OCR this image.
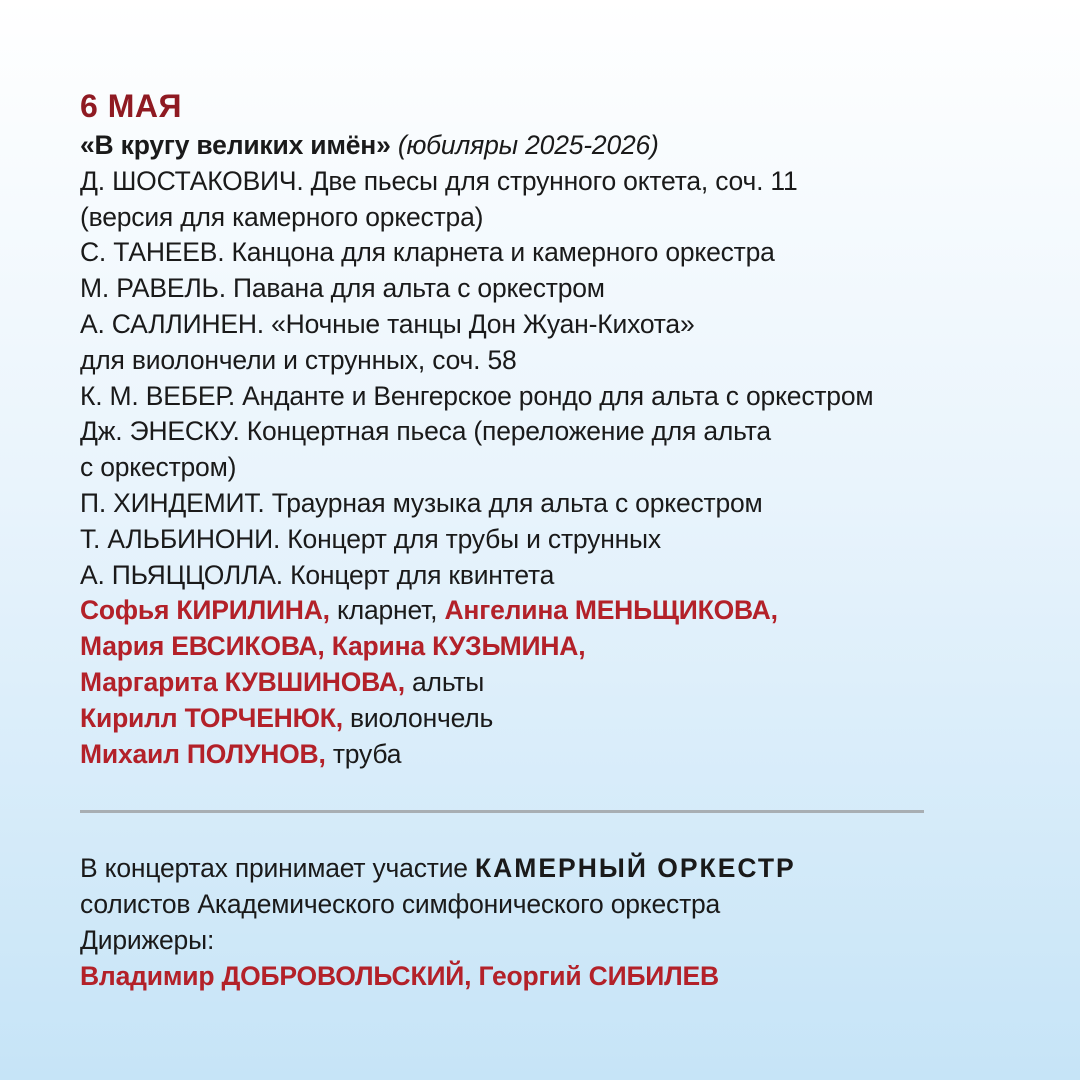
6 МАЯ
«В кругу великих имён» (юбиляры 2025-2026)
Д. ШОСТАКОВИЧ. Две пьесы для струнного октета, соч. 11
(версия для камерного оркестра)
С. ТАНЕЕВ. Канцона для кларнета и камерного оркестра
М. РАВЕЛЬ. Павана для альта с оркестром
А. САЛЛИНЕН. «Ночные танцы Дон Жуан-Кихота»
для виолончели и струнных, соч. 58
К. М. ВЕБЕР. Анданте и Венгерское рондо для альта с оркестром
Дж. ЭНЕСКУ. Концертная пьеса (переложение для альта
с оркестром)
П. ХИНДЕМИТ. Траурная музыка для альта с оркестром
Т. АЛЬБИНОНИ. Концерт для трубы и струнных
А. ПЬЯЦЦОЛЛА. Концерт для квинтета
Софья КИРИЛИНА, кларнет, Ангелина МЕНЬЩИКОВА,
Мария ЕВСИКОВА, Карина КУЗЬМИНА,
Маргарита КУВШИНОВА, альты
Кирилл ТОРЧЕНЮК, виолончель
Михаил ПОЛУНОВ, труба
В концертах принимает участие КАМЕРНЫЙ ОРКЕСТР
солистов Академического симфонического оркестра
Дирижеры:
Владимир ДОБРОВОЛЬСКИЙ, Георгий СИБИЛЕВ
